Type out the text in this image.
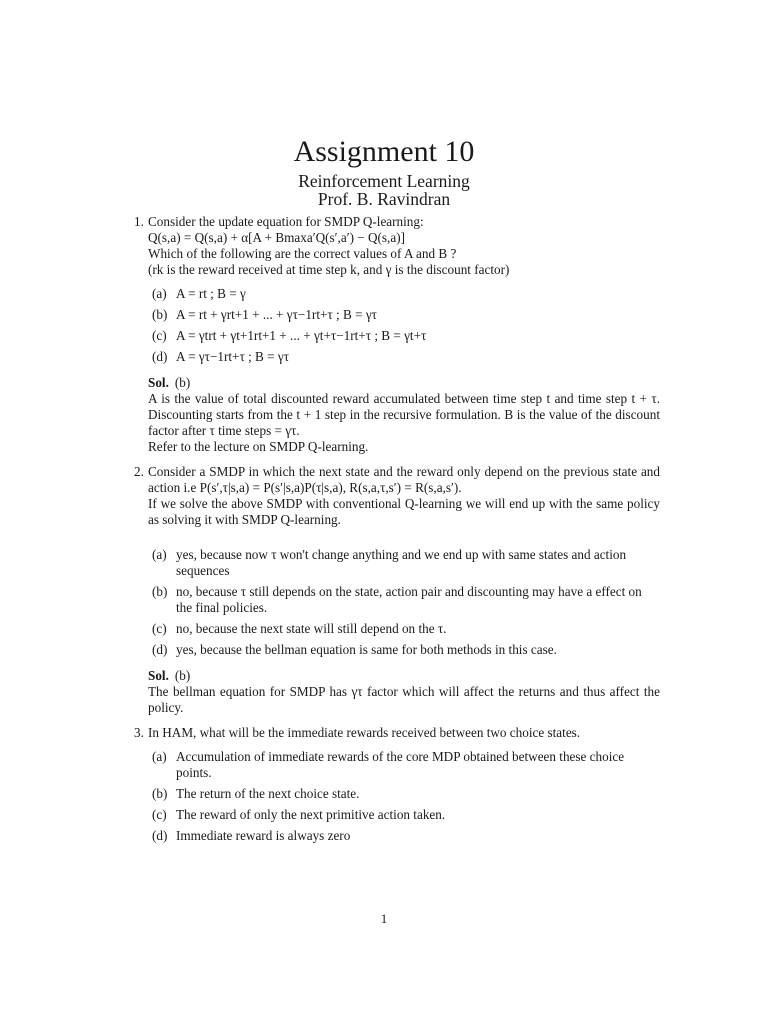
Assignment 10
Reinforcement Learning
Prof. B. Ravindran
1. Consider the update equation for SMDP Q-learning:

Q(s,a) = Q(s,a) + α[A + Bmaxa′Q(s′,a′) − Q(s,a)]

Which of the following are the correct values of A and B ?

(rk is the reward received at time step k, and γ is the discount factor)

(a) A = rt ; B = γ
(b) A = rt + γrt+1 + ... + γτ−1rt+τ ; B = γτ
(c) A = γtrt + γt+1rt+1 + ... + γt+τ−1rt+τ ; B = γt+τ
(d) A = γτ−1rt+τ ; B = γτ

Sol. (b)

A is the value of total discounted reward accumulated between time step t and time step t + τ. Discounting starts from the t + 1 step in the recursive formulation. B is the value of the discount factor after τ time steps = γτ.

Refer to the lecture on SMDP Q-learning.

2. Consider a SMDP in which the next state and the reward only depend on the previous state and action i.e P(s′,τ|s,a) = P(s′|s,a)P(τ|s,a), R(s,a,τ,s′) = R(s,a,s′).

If we solve the above SMDP with conventional Q-learning we will end up with the same policy as solving it with SMDP Q-learning.

(a) yes, because now τ won't change anything and we end up with same states and action sequences
(b) no, because τ still depends on the state, action pair and discounting may have a effect on the final policies.
(c) no, because the next state will still depend on the τ.
(d) yes, because the bellman equation is same for both methods in this case.

Sol. (b)

The bellman equation for SMDP has γτ factor which will affect the returns and thus affect the policy.

3. In HAM, what will be the immediate rewards received between two choice states.

(a) Accumulation of immediate rewards of the core MDP obtained between these choice points.
(b) The return of the next choice state.
(c) The reward of only the next primitive action taken.
(d) Immediate reward is always zero
1
